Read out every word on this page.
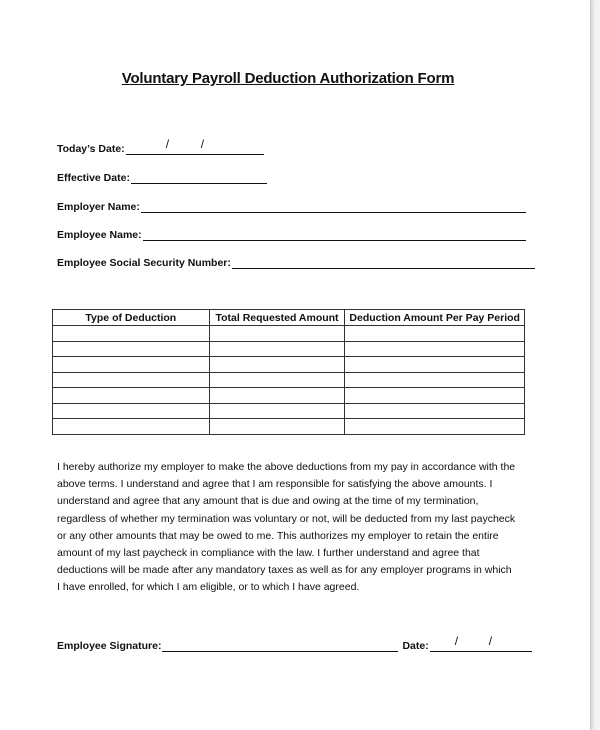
Voluntary Payroll Deduction Authorization Form
Today’s Date:	/	/
Effective Date:
Employer Name:
Employee Name:
Employee Social Security Number:
Type of Deduction	Total Requested Amount	Deduction Amount Per Pay Period

I hereby authorize my employer to make the above deductions from my pay in accordance with the above terms. I understand and agree that I am responsible for satisfying the above amounts. I understand and agree that any amount that is due and owing at the time of my termination, regardless of whether my termination was voluntary or not, will be deducted from my last paycheck or any other amounts that may be owed to me. This authorizes my employer to retain the entire amount of my last paycheck in compliance with the law. I further understand and agree that deductions will be made after any mandatory taxes as well as for any employer programs in which I have enrolled, for which I am eligible, or to which I have agreed.
Employee Signature:	Date: /	/
